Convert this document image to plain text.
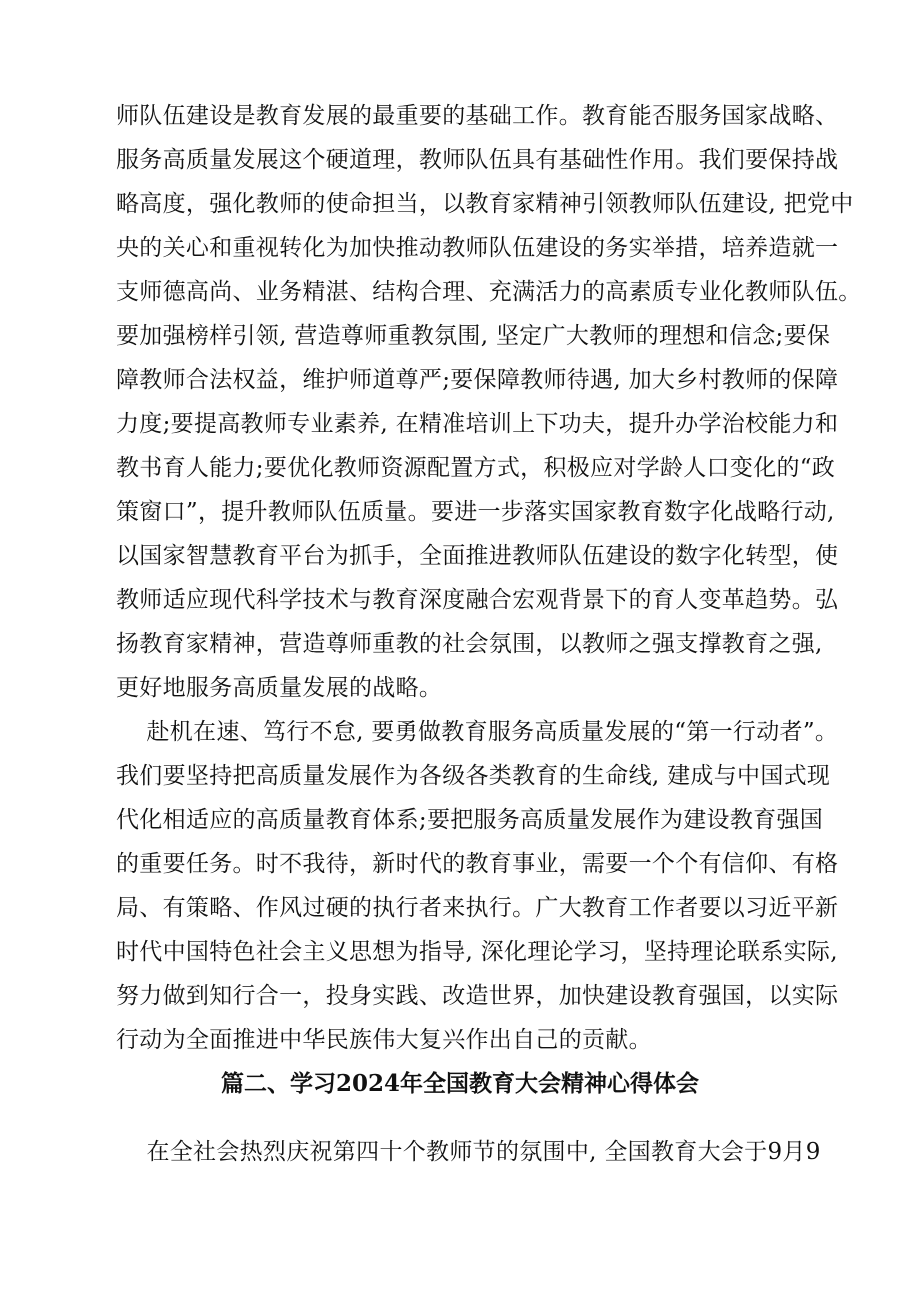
师队伍建设是教育发展的最重要的基础工作。教育能否服务国家战略、
服务高质量发展这个硬道理，教师队伍具有基础性作用。我们要保持战
略高度，强化教师的使命担当，以教育家精神引领教师队伍建设, 把党中
央的关心和重视转化为加快推动教师队伍建设的务实举措，培养造就一
支师德高尚、业务精湛、结构合理、充满活力的高素质专业化教师队伍。
要加强榜样引领, 营造尊师重教氛围, 坚定广大教师的理想和信念;要保
障教师合法权益，维护师道尊严;要保障教师待遇, 加大乡村教师的保障
力度;要提高教师专业素养, 在精准培训上下功夫，提升办学治校能力和
教书育人能力;要优化教师资源配置方式，积极应对学龄人口变化的“政
策窗口”，提升教师队伍质量。要进一步落实国家教育数字化战略行动,
以国家智慧教育平台为抓手，全面推进教师队伍建设的数字化转型，使
教师适应现代科学技术与教育深度融合宏观背景下的育人变革趋势。弘
扬教育家精神，营造尊师重教的社会氛围，以教师之强支撑教育之强,
更好地服务高质量发展的战略。
赴机在速、笃行不怠, 要勇做教育服务高质量发展的“第一行动者”。
我们要坚持把高质量发展作为各级各类教育的生命线, 建成与中国式现
代化相适应的高质量教育体系;要把服务高质量发展作为建设教育强国
的重要任务。时不我待，新时代的教育事业，需要一个个有信仰、有格
局、有策略、作风过硬的执行者来执行。广大教育工作者要以习近平新
时代中国特色社会主义思想为指导, 深化理论学习，坚持理论联系实际,
努力做到知行合一，投身实践、改造世界，加快建设教育强国，以实际
行动为全面推进中华民族伟大复兴作出自己的贡献。
篇二、学习2024年全国教育大会精神心得体会
在全社会热烈庆祝第四十个教师节的氛围中, 全国教育大会于9月9
